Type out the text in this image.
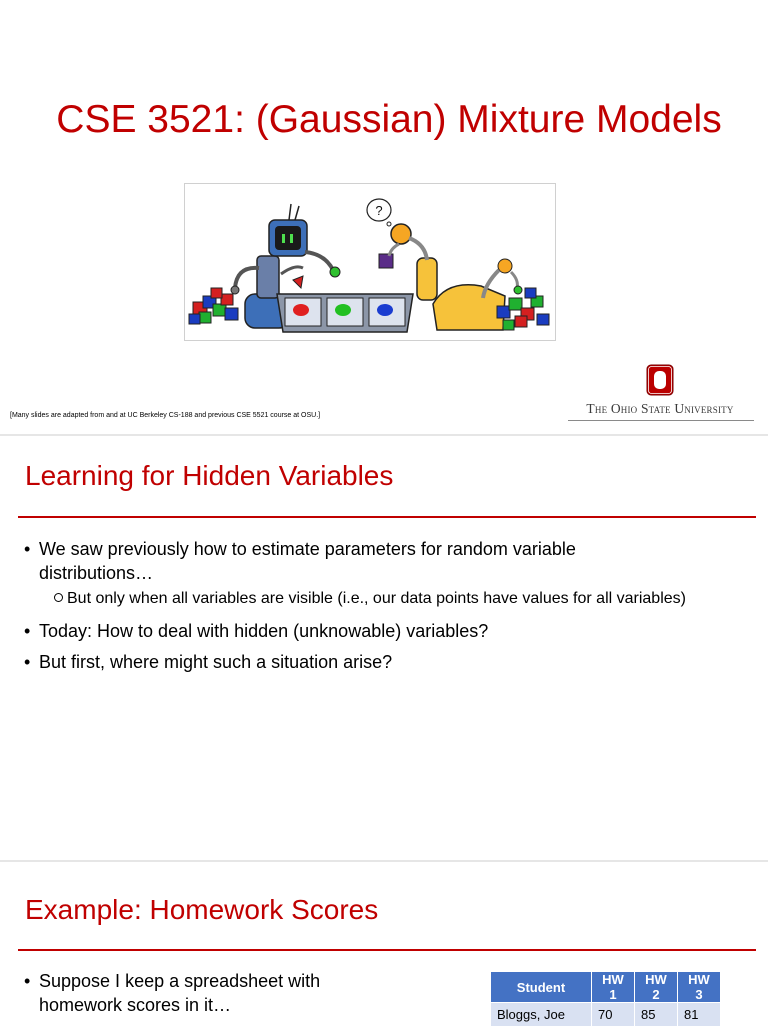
CSE 3521: (Gaussian) Mixture Models
?
[Many slides are adapted from and at UC Berkeley CS-188 and previous CSE 5521 course at OSU.]	The Ohio State University
Learning for Hidden Variables
• We saw previously how to estimate parameters for random variable
distributions…
But only when all variables are visible (i.e., our data points have values for all variables)
• Today: How to deal with hidden (unknowable) variables?
• But first, where might such a situation arise?
Example: Homework Scores
• Suppose I keep a spreadsheet with
homework scores in it…
Student	HW 1	HW 2	HW 3
Bloggs, Joe	70	85	81
